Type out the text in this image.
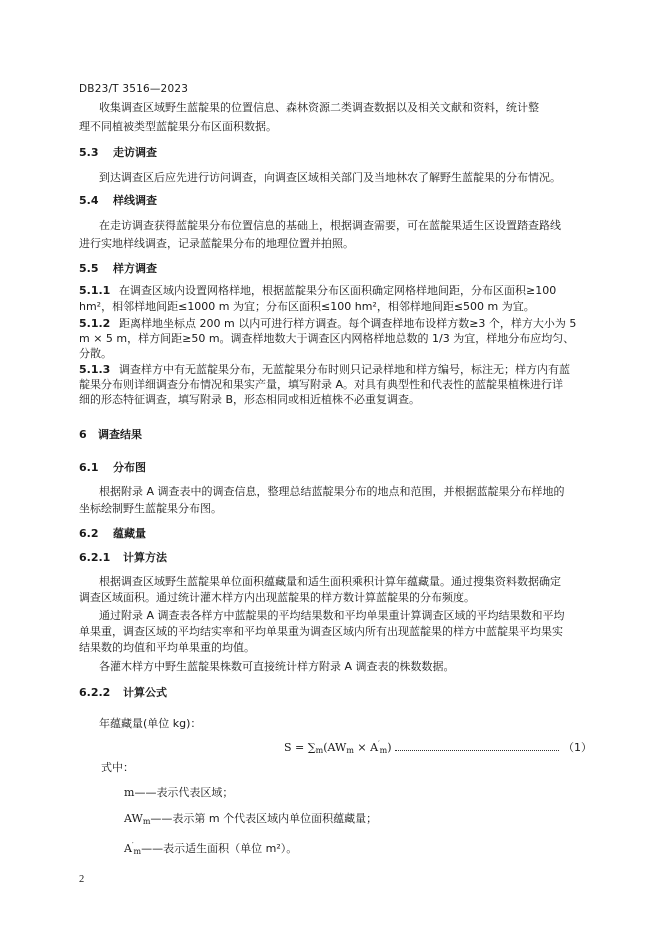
DB23/T 3516—2023
收集调查区域野生蓝靛果的位置信息、森林资源二类调查数据以及相关文献和资料，统计整
理不同植被类型蓝靛果分布区面积数据。
5.3 走访调查
到达调查区后应先进行访问调查，向调查区域相关部门及当地林农了解野生蓝靛果的分布情况。
5.4 样线调查
在走访调查获得蓝靛果分布位置信息的基础上，根据调查需要，可在蓝靛果适生区设置踏查路线
进行实地样线调查，记录蓝靛果分布的地理位置并拍照。
5.5 样方调查
5.1.1 在调查区域内设置网格样地，根据蓝靛果分布区面积确定网格样地间距，分布区面积≥100
hm²，相邻样地间距≤1000 m 为宜；分布区面积≤100 hm²，相邻样地间距≤500 m 为宜。
5.1.2 距离样地坐标点 200 m 以内可进行样方调查。每个调查样地布设样方数≥3 个，样方大小为 5
m × 5 m，样方间距≥50 m。调查样地数大于调查区内网格样地总数的 1/3 为宜，样地分布应均匀、
分散。
5.1.3 调查样方中有无蓝靛果分布，无蓝靛果分布时则只记录样地和样方编号，标注无；样方内有蓝
靛果分布则详细调查分布情况和果实产量，填写附录 A。对具有典型性和代表性的蓝靛果植株进行详
细的形态特征调查，填写附录 B，形态相同或相近植株不必重复调查。
6 调查结果
6.1 分布图
根据附录 A 调查表中的调查信息，整理总结蓝靛果分布的地点和范围，并根据蓝靛果分布样地的
坐标绘制野生蓝靛果分布图。
6.2 蕴藏量
6.2.1 计算方法
根据调查区域野生蓝靛果单位面积蕴藏量和适生面积乘积计算年蕴藏量。通过搜集资料数据确定
调查区域面积。通过统计灌木样方内出现蓝靛果的样方数计算蓝靛果的分布频度。
通过附录 A 调查表各样方中蓝靛果的平均结果数和平均单果重计算调查区域的平均结果数和平均
单果重，调查区域的平均结实率和平均单果重为调查区域内所有出现蓝靛果的样方中蓝靛果平均果实
结果数的均值和平均单果重的均值。
各灌木样方中野生蓝靛果株数可直接统计样方附录 A 调查表的株数数据。
6.2.2 计算公式
年蕴藏量(单位 kg)：
$S = \sum_m(AW_m \times A'_m)$	（1）
式中：
m——表示代表区域；
$AW_m——$表示第 m 个代表区域内单位面积蕴藏量；
$A'_m——$表示适生面积（单位 m²）。
2
